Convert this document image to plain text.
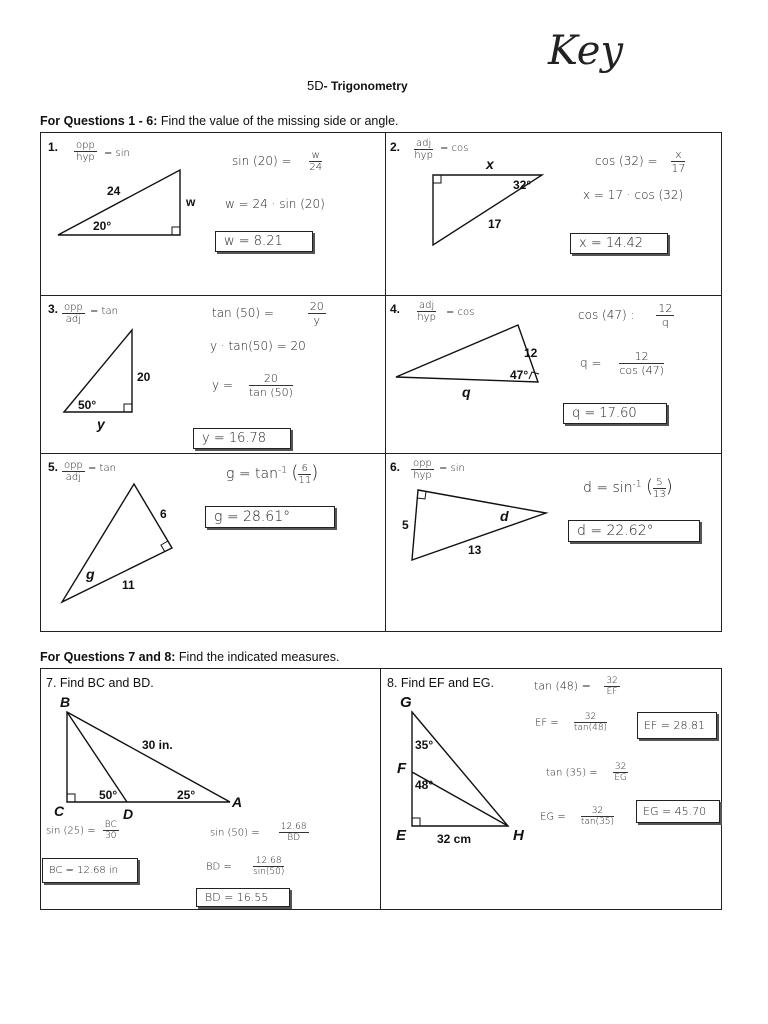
Key
5D- Trigonometry
For Questions 1 - 6: Find the value of the missing side or angle.
1. opp
hyp = sin
24
w
20°
$\sin (20) = \frac{w}{24}$
w = 24 · sin (20)
w = 8.21
2. adj
hyp
= cos
x
32°
17
$\cos (32) = \frac{x}{17}$
x = 17 · cos (32)
x = 14.42
3. opp
adj
= tan
20
50°
y
tan (50) =	$\frac{20}{y}$
y · tan(50) = 20
$y = \frac{20}{\tan (50)}$
y = 16.78
4. adj
hyp = cos
12
47°
q
cos (47) : $\frac{12}{q}$
$q = \frac{12}{\cos (47)}$
q = 17.60
5. opp
adj
= tan
6
g
11
$g = \tan^{-1}$ ( $\frac{6}{11}$ )
g = 28.61°
6. opp
hyp
= sin
5
d
13
$d = \sin^{-1}$ ( $\frac{5}{13}$ )
d = 22.62°
For Questions 7 and 8: Find the indicated measures.
7. Find BC and BD.
B
30 in.
50°	25°
C	D
A
$\sin (25) = \frac{BC}{30}$
BC = 12.68 in
$\sin (50) = \frac{12.68}{BD}$
BD = $\frac{12.68}{\sin(50)}$
BD = 16.55
8. Find EF and EG.
G
35°
F
48°
E	32 cm	H
$\tan (48) = \frac{32}{EF}$
EF = $\frac{32}{\tan(48)}$	EF = 28.81
$\tan (35) = \frac{32}{EG}$
EG = $\frac{32}{\tan(35)}$	EG = 45.70
